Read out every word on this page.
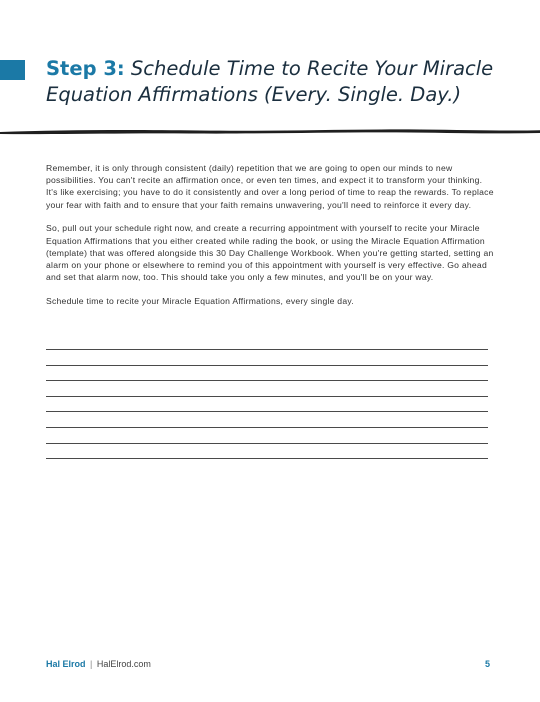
Step 3: Schedule Time to Recite Your Miracle Equation Affirmations (Every. Single. Day.)

Remember, it is only through consistent (daily) repetition that we are going to open our minds to new possibilities. You can't recite an affirmation once, or even ten times, and expect it to transform your thinking. It's like exercising; you have to do it consistently and over a long period of time to reap the rewards. To replace your fear with faith and to ensure that your faith remains unwavering, you'll need to reinforce it every day.

So, pull out your schedule right now, and create a recurring appointment with yourself to recite your Miracle Equation Affirmations that you either created while rading the book, or using the Miracle Equation Affirmation (template) that was offered alongside this 30 Day Challenge Workbook. When you're getting started, setting an alarm on your phone or elsewhere to remind you of this appointment with yourself is very effective. Go ahead and set that alarm now, too. This should take you only a few minutes, and you'll be on your way.

Schedule time to recite your Miracle Equation Affirmations, every single day.

Hal Elrod | HalElrod.com	5
